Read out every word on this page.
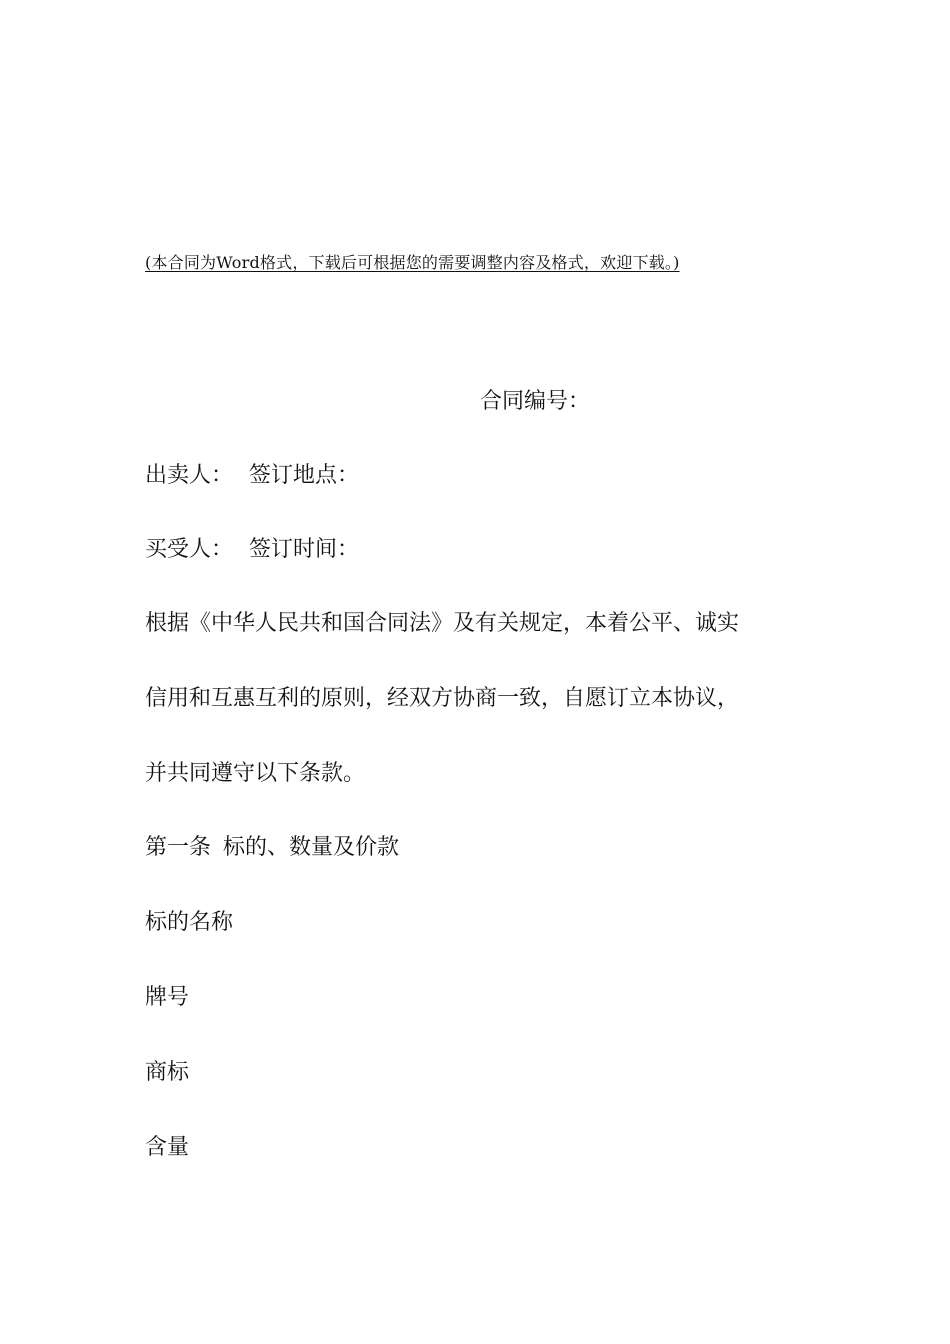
(本合同为Word格式，下载后可根据您的需要调整内容及格式，欢迎下载。)
合同编号：
出卖人： 签订地点：
买受人： 签订时间：
根据《中华人民共和国合同法》及有关规定，本着公平、诚实
信用和互惠互利的原则，经双方协商一致，自愿订立本协议，
并共同遵守以下条款。
第一条 标的、数量及价款
标的名称
牌号
商标
含量
